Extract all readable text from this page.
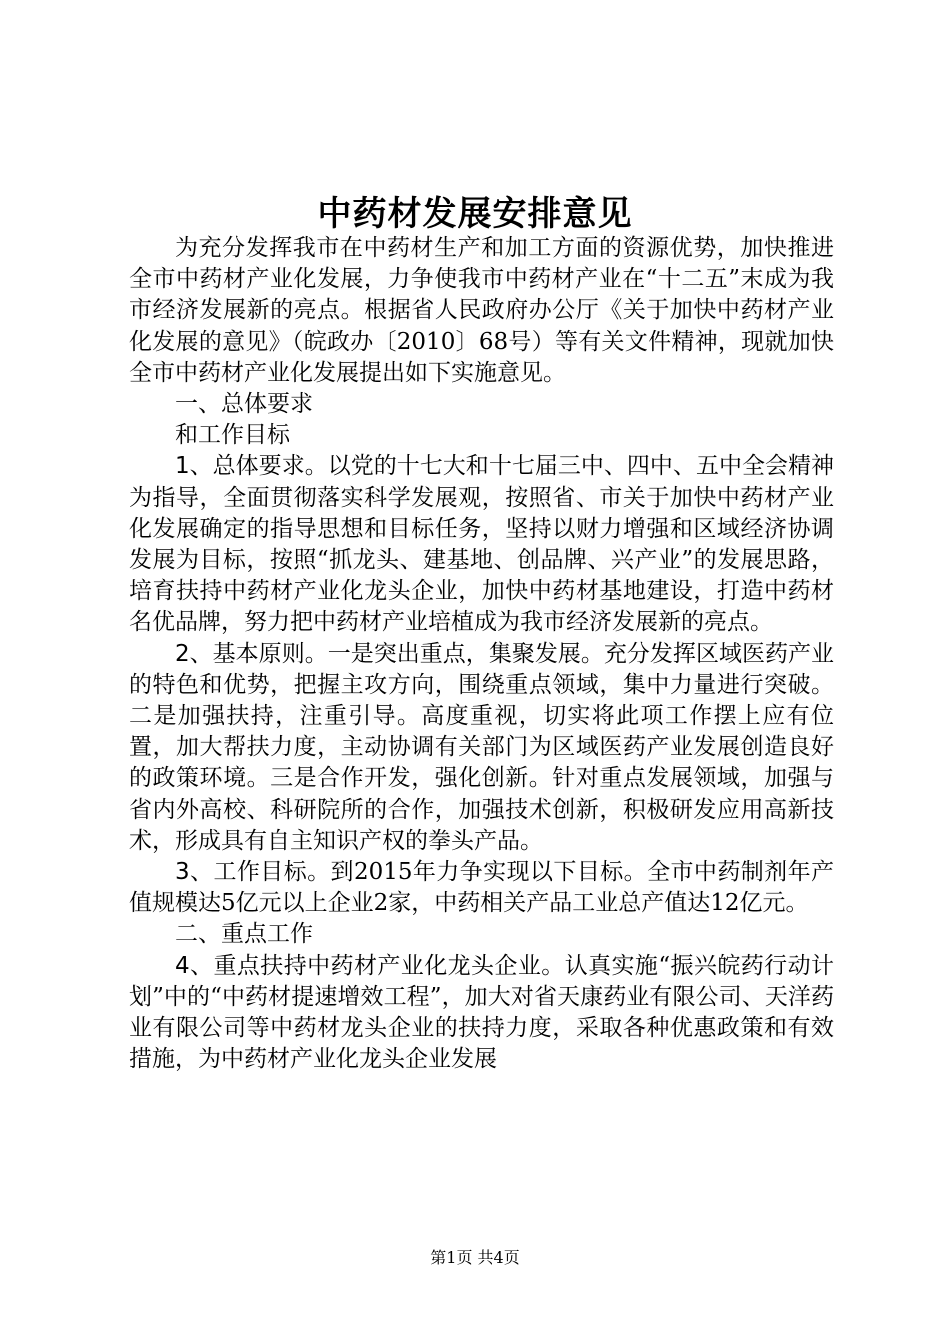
中药材发展安排意见

为充分发挥我市在中药材生产和加工方面的资源优势，加快推进全市中药材产业化发展，力争使我市中药材产业在“十二五”末成为我市经济发展新的亮点。根据省人民政府办公厅《关于加快中药材产业化发展的意见》（皖政办〔2010〕68号）等有关文件精神，现就加快全市中药材产业化发展提出如下实施意见。

一、总体要求

和工作目标

1、总体要求。以党的十七大和十七届三中、四中、五中全会精神为指导，全面贯彻落实科学发展观，按照省、市关于加快中药材产业化发展确定的指导思想和目标任务，坚持以财力增强和区域经济协调发展为目标，按照“抓龙头、建基地、创品牌、兴产业”的发展思路，培育扶持中药材产业化龙头企业，加快中药材基地建设，打造中药材名优品牌，努力把中药材产业培植成为我市经济发展新的亮点。

2、基本原则。一是突出重点，集聚发展。充分发挥区域医药产业的特色和优势，把握主攻方向，围绕重点领域，集中力量进行突破。二是加强扶持，注重引导。高度重视，切实将此项工作摆上应有位置，加大帮扶力度，主动协调有关部门为区域医药产业发展创造良好的政策环境。三是合作开发，强化创新。针对重点发展领域，加强与省内外高校、科研院所的合作，加强技术创新，积极研发应用高新技术，形成具有自主知识产权的拳头产品。

3、工作目标。到2015年力争实现以下目标。全市中药制剂年产值规模达5亿元以上企业2家，中药相关产品工业总产值达12亿元。

二、重点工作

4、重点扶持中药材产业化龙头企业。认真实施“振兴皖药行动计划”中的“中药材提速增效工程”，加大对省天康药业有限公司、天洋药业有限公司等中药材龙头企业的扶持力度，采取各种优惠政策和有效措施，为中药材产业化龙头企业发展

第1页 共4页
